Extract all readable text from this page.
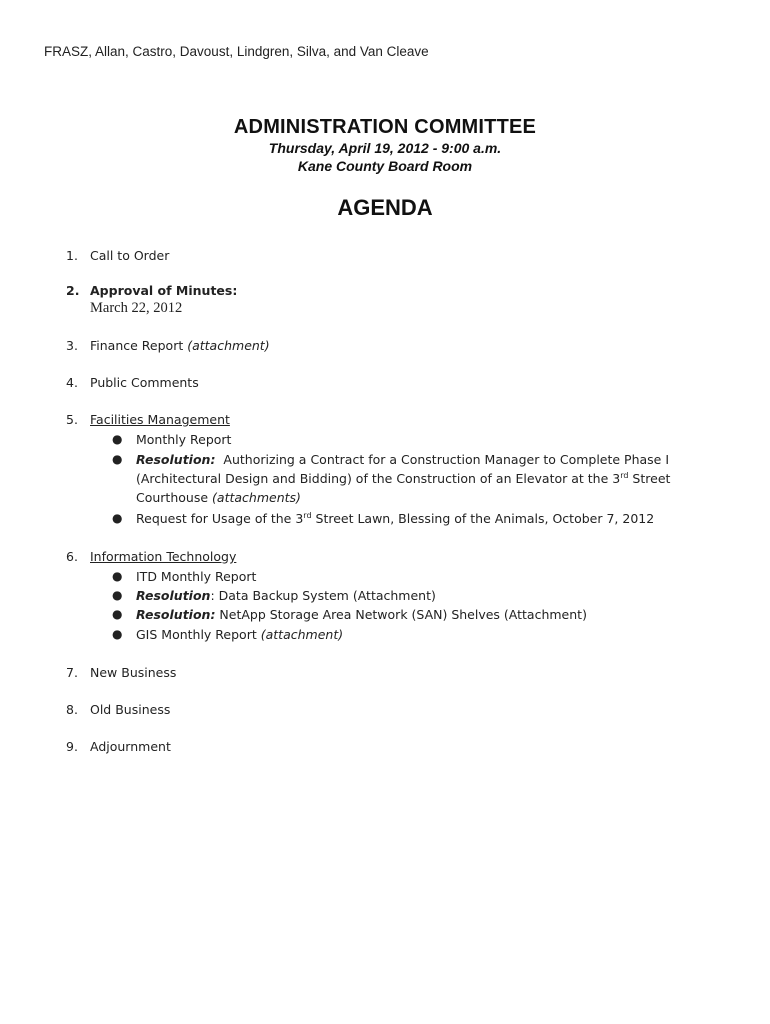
FRASZ, Allan, Castro, Davoust, Lindgren, Silva, and Van Cleave
ADMINISTRATION COMMITTEE
Thursday, April 19, 2012 - 9:00 a.m.
Kane County Board Room
AGENDA
1. Call to Order
2. Approval of Minutes:
March 22, 2012
3. Finance Report (attachment)
4. Public Comments
5. Facilities Management
● Monthly Report
● Resolution: Authorizing a Contract for a Construction Manager to Complete Phase I
(Architectural Design and Bidding) of the Construction of an Elevator at the 3rd Street
Courthouse (attachments)
● Request for Usage of the 3rd Street Lawn, Blessing of the Animals, October 7, 2012
6. Information Technology
● ITD Monthly Report
● Resolution: Data Backup System (Attachment)
● Resolution: NetApp Storage Area Network (SAN) Shelves (Attachment)
● GIS Monthly Report (attachment)
7. New Business
8. Old Business
9. Adjournment
